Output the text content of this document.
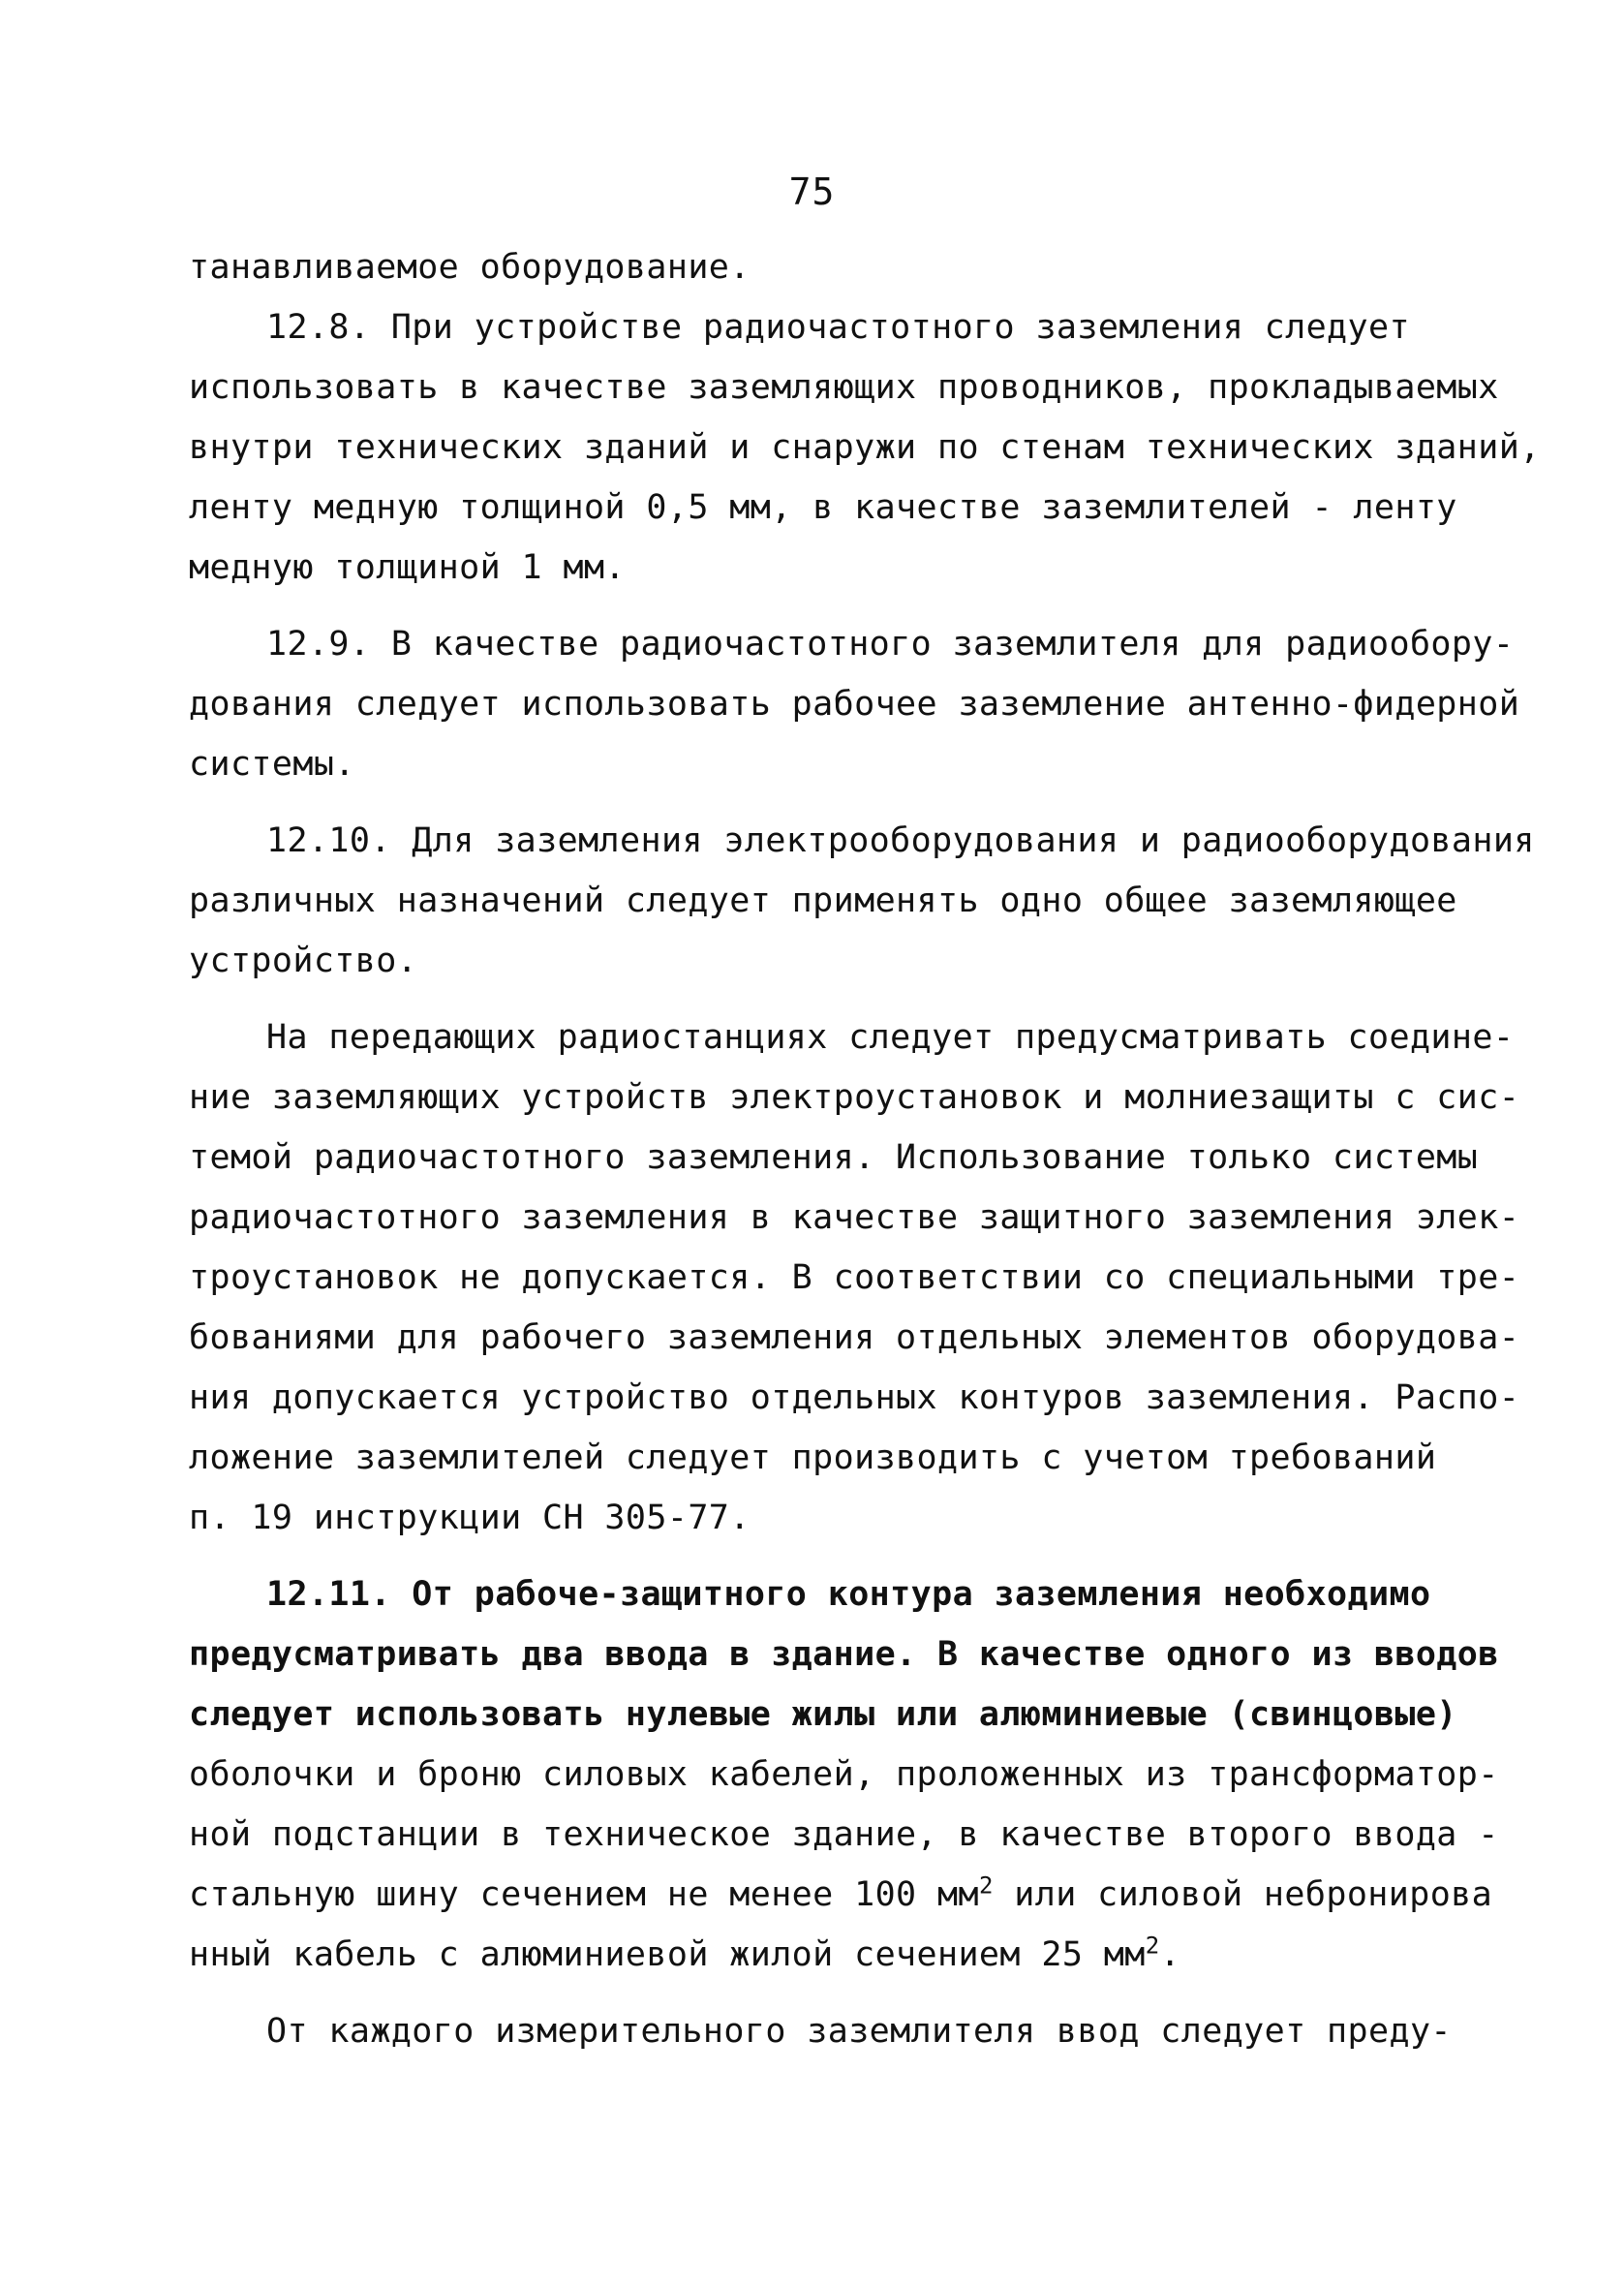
75
танавливаемое оборудование.
12.8. При устройстве радиочастотного заземления следует
использовать в качестве заземляющих проводников, прокладываемых
внутри технических зданий и снаружи по стенам технических зданий,
ленту медную толщиной 0,5 мм, в качестве заземлителей - ленту
медную толщиной 1 мм.
12.9. В качестве радиочастотного заземлителя для радиообору-
дования следует использовать рабочее заземление антенно-фидерной
системы.
12.10. Для заземления электрооборудования и радиооборудования
различных назначений следует применять одно общее заземляющее
устройство.
На передающих радиостанциях следует предусматривать соедине-
ние заземляющих устройств электроустановок и молниезащиты с сис-
темой радиочастотного заземления. Использование только системы
радиочастотного заземления в качестве защитного заземления элек-
троустановок не допускается. В соответствии со специальными тре-
бованиями для рабочего заземления отдельных элементов оборудова-
ния допускается устройство отдельных контуров заземления. Распо-
ложение заземлителей следует производить с учетом требований
п. 19 инструкции СН 305-77.
12.11. От рабоче-защитного контура заземления необходимо
предусматривать два ввода в здание. В качестве одного из вводов
следует использовать нулевые жилы или алюминиевые (свинцовые)
оболочки и броню силовых кабелей, проложенных из трансформатор-
ной подстанции в техническое здание, в качестве второго ввода -
стальную шину сечением не менее 100 $мм^2$ или силовой небронирова
нный кабель с алюминиевой жилой сечением 25 $мм^2$.
От каждого измерительного заземлителя ввод следует преду-
